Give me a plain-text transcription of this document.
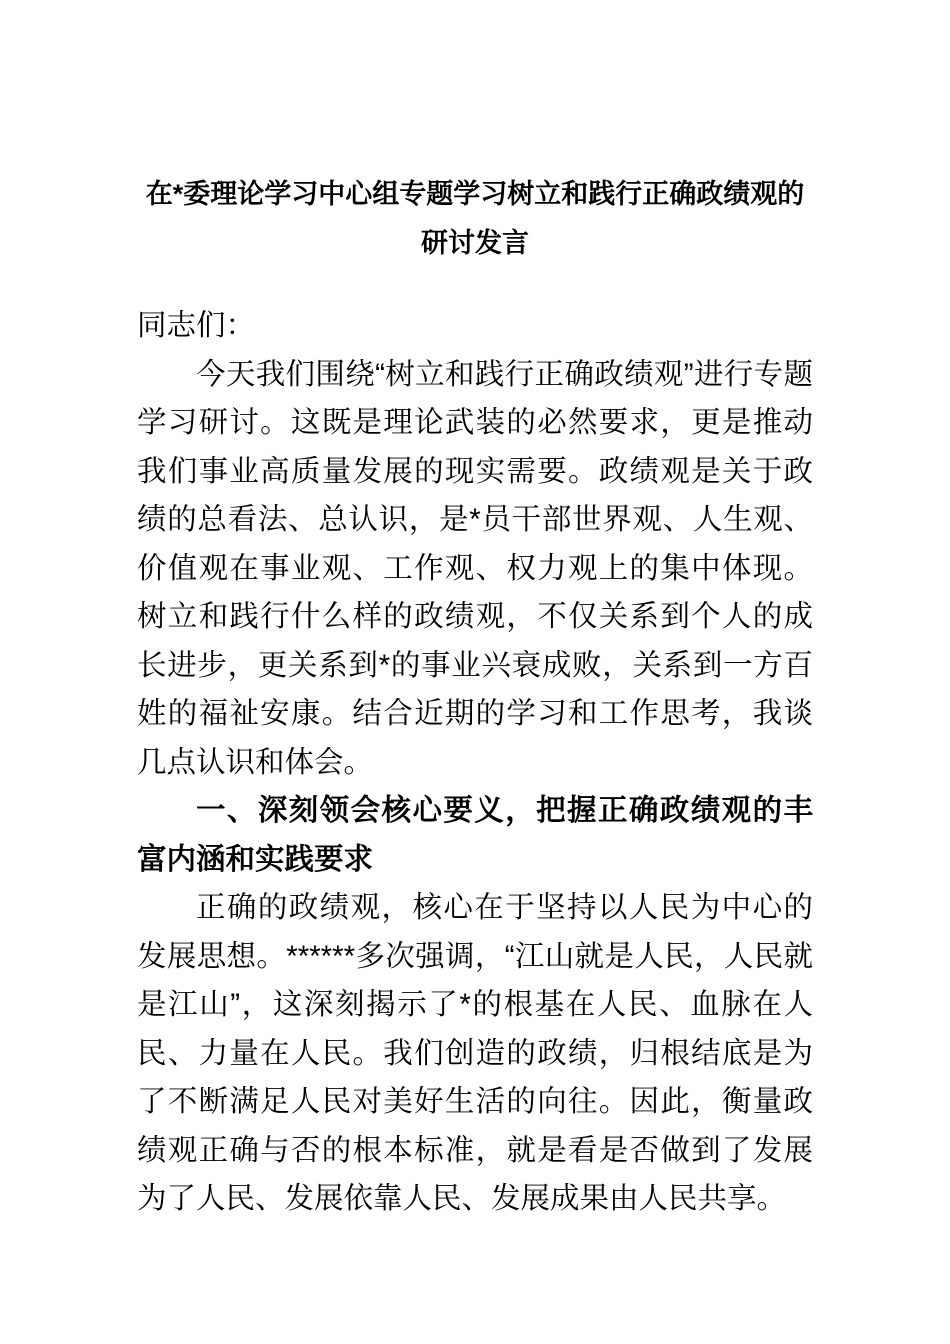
在*委理论学习中心组专题学习树立和践行正确政绩观的研讨发言

同志们：

今天我们围绕“树立和践行正确政绩观”进行专题学习研讨。这既是理论武装的必然要求，更是推动我们事业高质量发展的现实需要。政绩观是关于政绩的总看法、总认识，是*员干部世界观、人生观、价值观在事业观、工作观、权力观上的集中体现。树立和践行什么样的政绩观，不仅关系到个人的成长进步，更关系到*的事业兴衰成败，关系到一方百姓的福祉安康。结合近期的学习和工作思考，我谈几点认识和体会。

一、深刻领会核心要义，把握正确政绩观的丰富内涵和实践要求

正确的政绩观，核心在于坚持以人民为中心的发展思想。******多次强调，“江山就是人民，人民就是江山”，这深刻揭示了*的根基在人民、血脉在人民、力量在人民。我们创造的政绩，归根结底是为了不断满足人民对美好生活的向往。因此，衡量政绩观正确与否的根本标准，就是看是否做到了发展为了人民、发展依靠人民、发展成果由人民共享。
